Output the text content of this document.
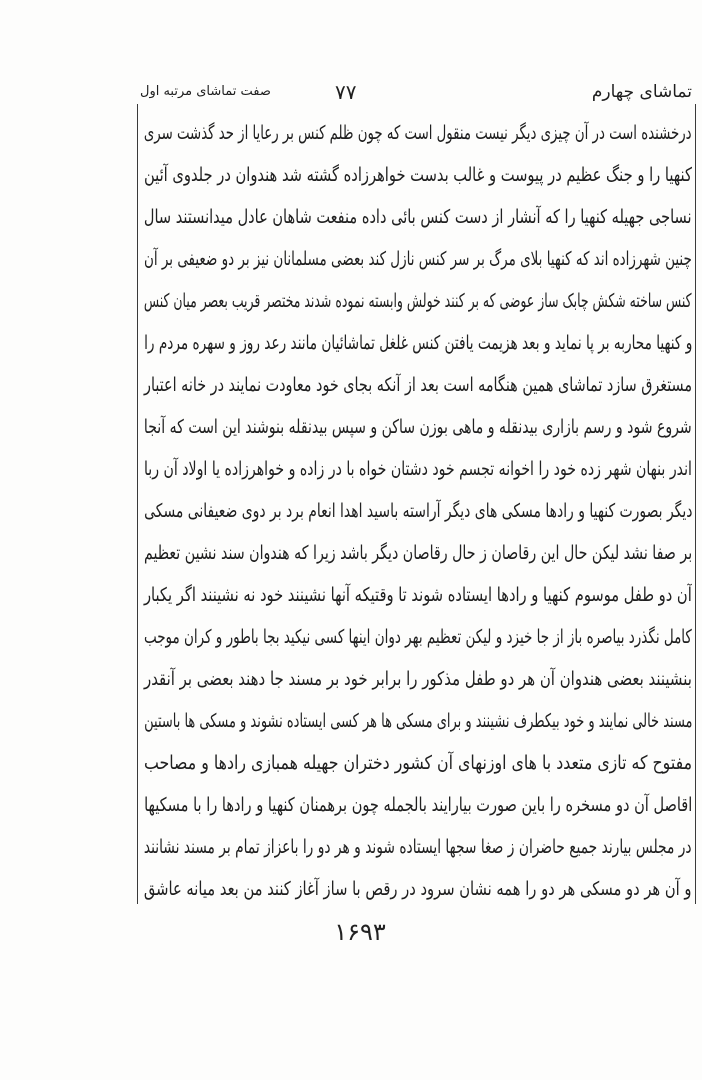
تماشای چهارم
۷۷
صفت تماشای مرتبه اول
درخشنده است در آن چیزی دیگر نیست منقول است که چون ظلم کنس بر رعایا از حد گذشت سری
کنهیا را و جنگ عظیم در پیوست و غالب بدست خواهرزاده گشته شد هندوان در جلدوی آئین
نساجی جهیله کنهیا را که آنشار از دست کنس بائی داده منفعت شاهان عادل میدانستند سال
چنین شهرزاده اند که کنهیا بلای مرگ بر سر کنس نازل کند بعضی مسلمانان نیز بر دو ضعیفی بر آن
کنس ساخته شکش چابک ساز عوضی که بر کنند خولش وابسته نموده شدند مختصر قریب بعصر میان کنس
و کنهیا محاربه بر پا نماید و بعد هزیمت یافتن کنس غلغل تماشائیان مانند رعد روز و سهره مردم را
مستغرق سازد تماشای همین هنگامه است بعد از آنکه بجای خود معاودت نمایند در خانه اعتبار
شروع شود و رسم بازاری بیدنقله و ماهی بوزن ساکن و سپس بیدنقله بنوشند این است که آنجا
اندر بنهان شهر زده خود را اخوانه تجسم خود دشتان خواه با در زاده و خواهرزاده یا اولاد آن ربا
دیگر بصورت کنهیا و رادها مسکی های دیگر آراسته باسید اهدا انعام برد بر دوی ضعیفانی مسکی
بر صفا نشد لیکن حال این رقاصان ز حال رقاصان دیگر باشد زیرا که هندوان سند نشین تعظیم
آن دو طفل موسوم کنهیا و رادها ایستاده شوند تا وقتیکه آنها نشینند خود نه نشینند اگر یکبار
کامل نگذرد بیاصره باز از جا خیزد و لیکن تعظیم بهر دوان اینها کسی نیکید بجا باطور و کران موجب
بنشینند بعضی هندوان آن هر دو طفل مذکور را برابر خود بر مسند جا دهند بعضی بر آنقدر
مسند خالی نمایند و خود بیکطرف نشینند و برای مسکی ها هر کسی ایستاده نشوند و مسکی ها باستین
مفتوح که تازی متعدد با های اوزنهای آن کشور دختران جهیله همبازی رادها و مصاحب
اقاصل آن دو مسخره را باین صورت بیارایند بالجمله چون برهمنان کنهیا و رادها را با مسکیها
در مجلس بیارند جمیع حاضران ز صغا سجها ایستاده شوند و هر دو را باعزاز تمام بر مسند نشانند
و آن هر دو مسکی هر دو را همه نشان سرود در رقص با ساز آغاز کنند من بعد میانه عاشق
۱۶۹۳
